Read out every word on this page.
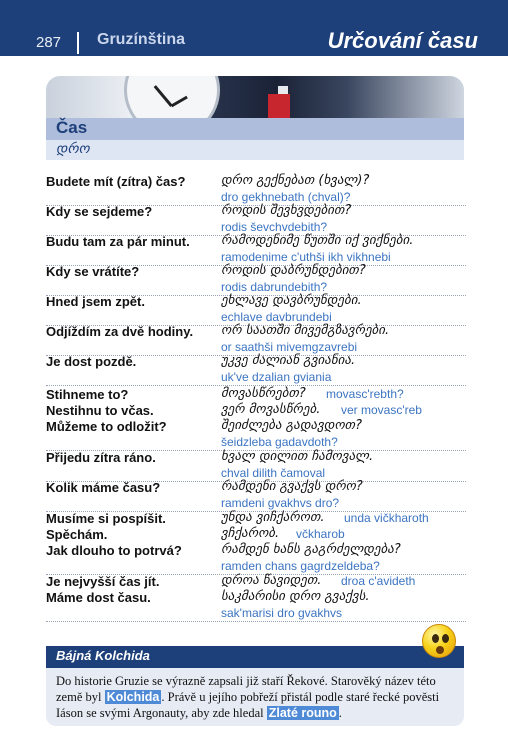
287 Gruzínština	Určování času
Čas
დრო
Budete mít (zítra) čas?	დრო გექნებათ (ხვალ)?
dro gekhnebath (chval)?
Kdy se sejdeme?	როდის შევხვდებით?
rodis ševchvdebith?
Budu tam za pár minut. რამოდენიმე წუთში იქ ვიქნები.
ramodenime c'uthši ikh vikhnebi
Kdy se vrátíte?	როდის დაბრუნდებით?
rodis dabrundebith?
Hned jsem zpět.	ეხლავე დავბრუნდები.
echlave davbrundebi
Odjíždím za dvě hodiny. ორ საათში მივემგზავრები.
or saathši mivemgzavrebi
Je dost pozdě.	უკვე ძალიან გვიანია.
uk've dzalian gviania
Stihneme to?	მოვასწრებთ? movasc'rebth?
Nestihnu to včas.	ვერ მოვასწრებ. ver movasc'reb
Můžeme to odložit?	შეიძლება გადავდოთ?
šeidzleba gadavdoth?
Přijedu zítra ráno.	ხვალ დილით ჩამოვალ.
chval dilith čamoval
Kolik máme času?	რამდენი გვაქვს დრო?
ramdeni gvakhvs dro?
Musíme si pospíšit.	უნდა ვიჩქაროთ. unda vičkharoth
Spěchám.	ვჩქარობ. včkharob
Jak dlouho to potrvá?	რამდენ ხანს გაგრძელდება?
ramden chans gagrdzeldeba?
Je nejvyšší čas jít.	დროა წავიდეთ. droa c'avideth
Máme dost času.	საკმარისი დრო გვაქვს.
sak'marisi dro gvakhvs
Bájná Kolchida
Do historie Gruzie se výrazně zapsali již staří Řekové. Starověký název této země byl Kolchida . Právě u jejího pobřeží přistál podle staré řecké pověsti Iáson se svými Argonauty, aby zde hledal Zlaté rouno .
